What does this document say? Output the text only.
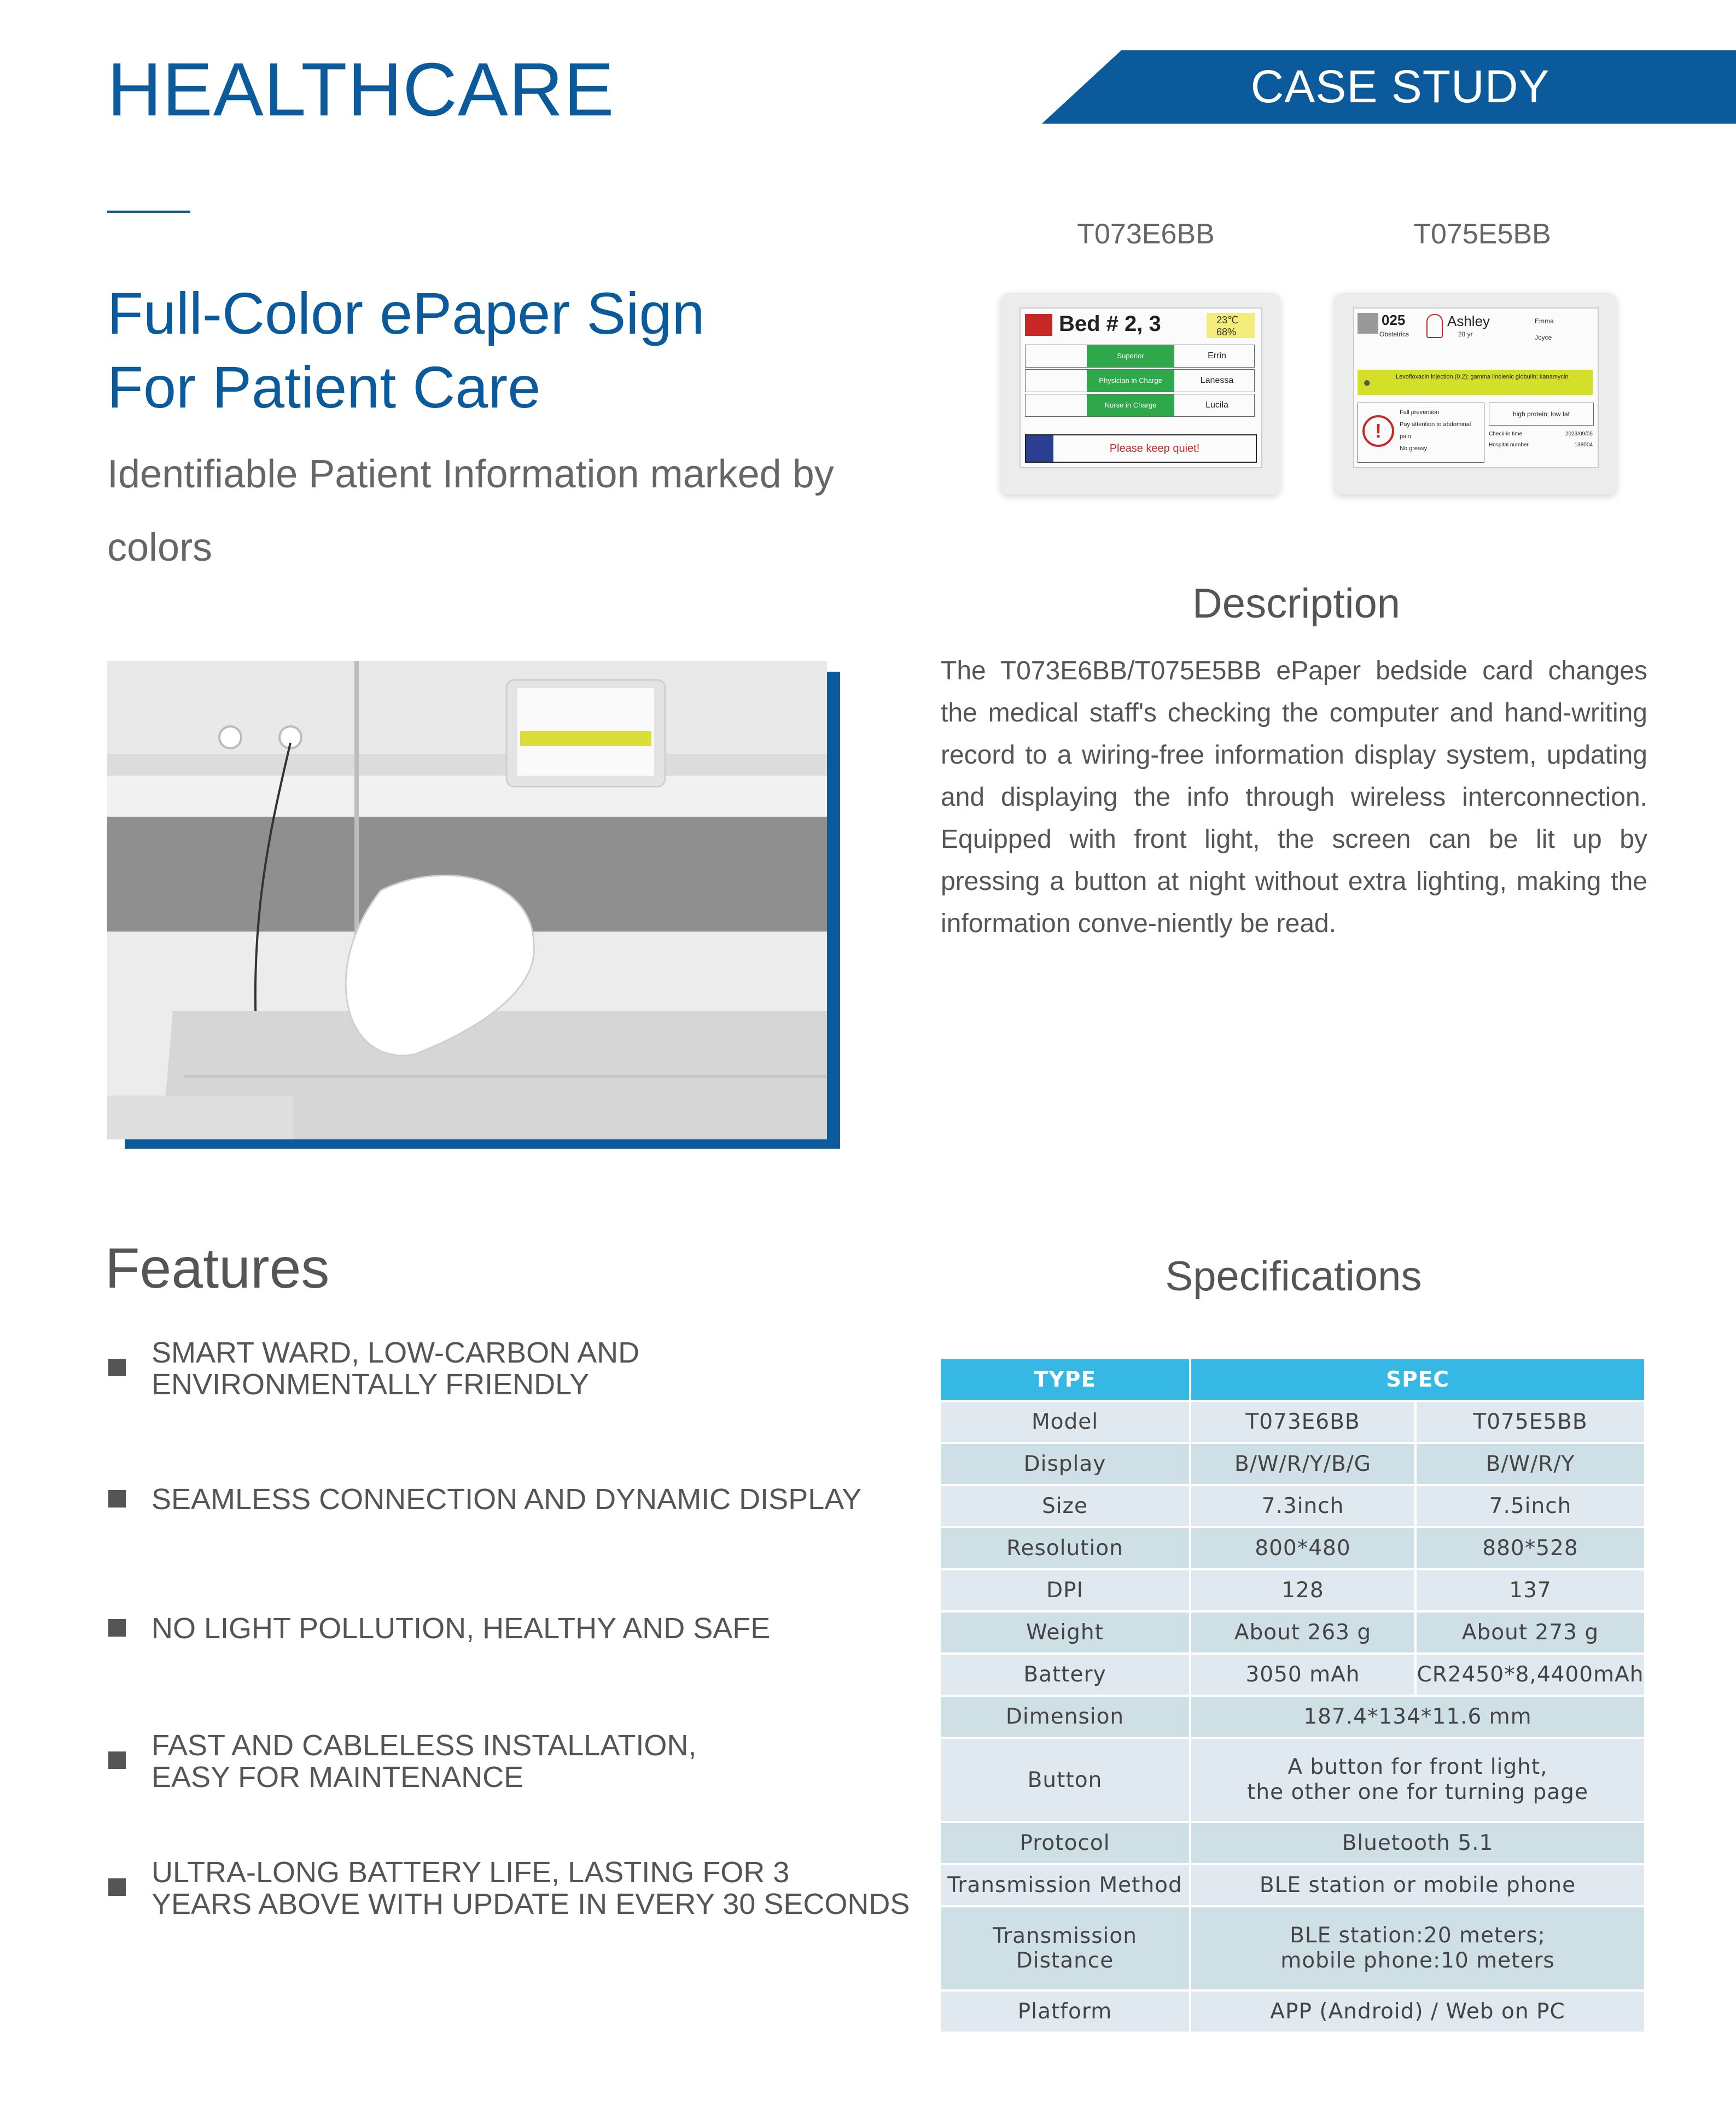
HEALTHCARE	CASE STUDY
Full-Color ePaper Sign
For Patient Care
Identifiable Patient Information marked by colors
T073E6BB	T075E5BB
Bed # 2, 3	23℃
68%
Superior	Errin
Physician in Charge	Lanessa
Nurse in Charge	Lucila
Please keep quiet!
025
Obstetrics
Ashley
28 yr
Emma
Joyce
●	Levofloxacin injection (0.2); gamma linolenic globulin; kanamycin
!
Fall prevention
Pay attention to abdominal pain
No greasy
high protein; low fat
Check-in time	2023/09/05

Hospital number	138004
Description
The T073E6BB/T075E5BB ePaper bedside card changes the medical staff's checking the computer and hand-writing record to a wiring-free information display system, updating and displaying the info through wireless interconnection. Equipped with front light, the screen can be lit up by pressing a button at night without extra lighting, making the information conve-niently be read.
Features
SMART WARD, LOW-CARBON AND
ENVIRONMENTALLY FRIENDLY
SEAMLESS CONNECTION AND DYNAMIC DISPLAY
NO LIGHT POLLUTION, HEALTHY AND SAFE
FAST AND CABLELESS INSTALLATION,
EASY FOR MAINTENANCE
ULTRA-LONG BATTERY LIFE, LASTING FOR 3
YEARS ABOVE WITH UPDATE IN EVERY 30 SECONDS
Specifications
TYPE	SPEC	
Model	T073E6BB	T075E5BB
Display	B/W/R/Y/B/G	B/W/R/Y
Size	7.3inch	7.5inch
Resolution	800*480	880*528
DPI	128	137
Weight	About 263 g	About 273 g
Battery	3050 mAh	CR2450*8,4400mAh
Dimension	187.4*134*11.6 mm	
Button	A button for front light,
the other one for turning page	

Protocol	Bluetooth 5.1	
Transmission Method	BLE station or mobile phone	
Transmission Distance	BLE station:20 meters;
mobile phone:10 meters	

Platform	APP (Android) / Web on PC	
